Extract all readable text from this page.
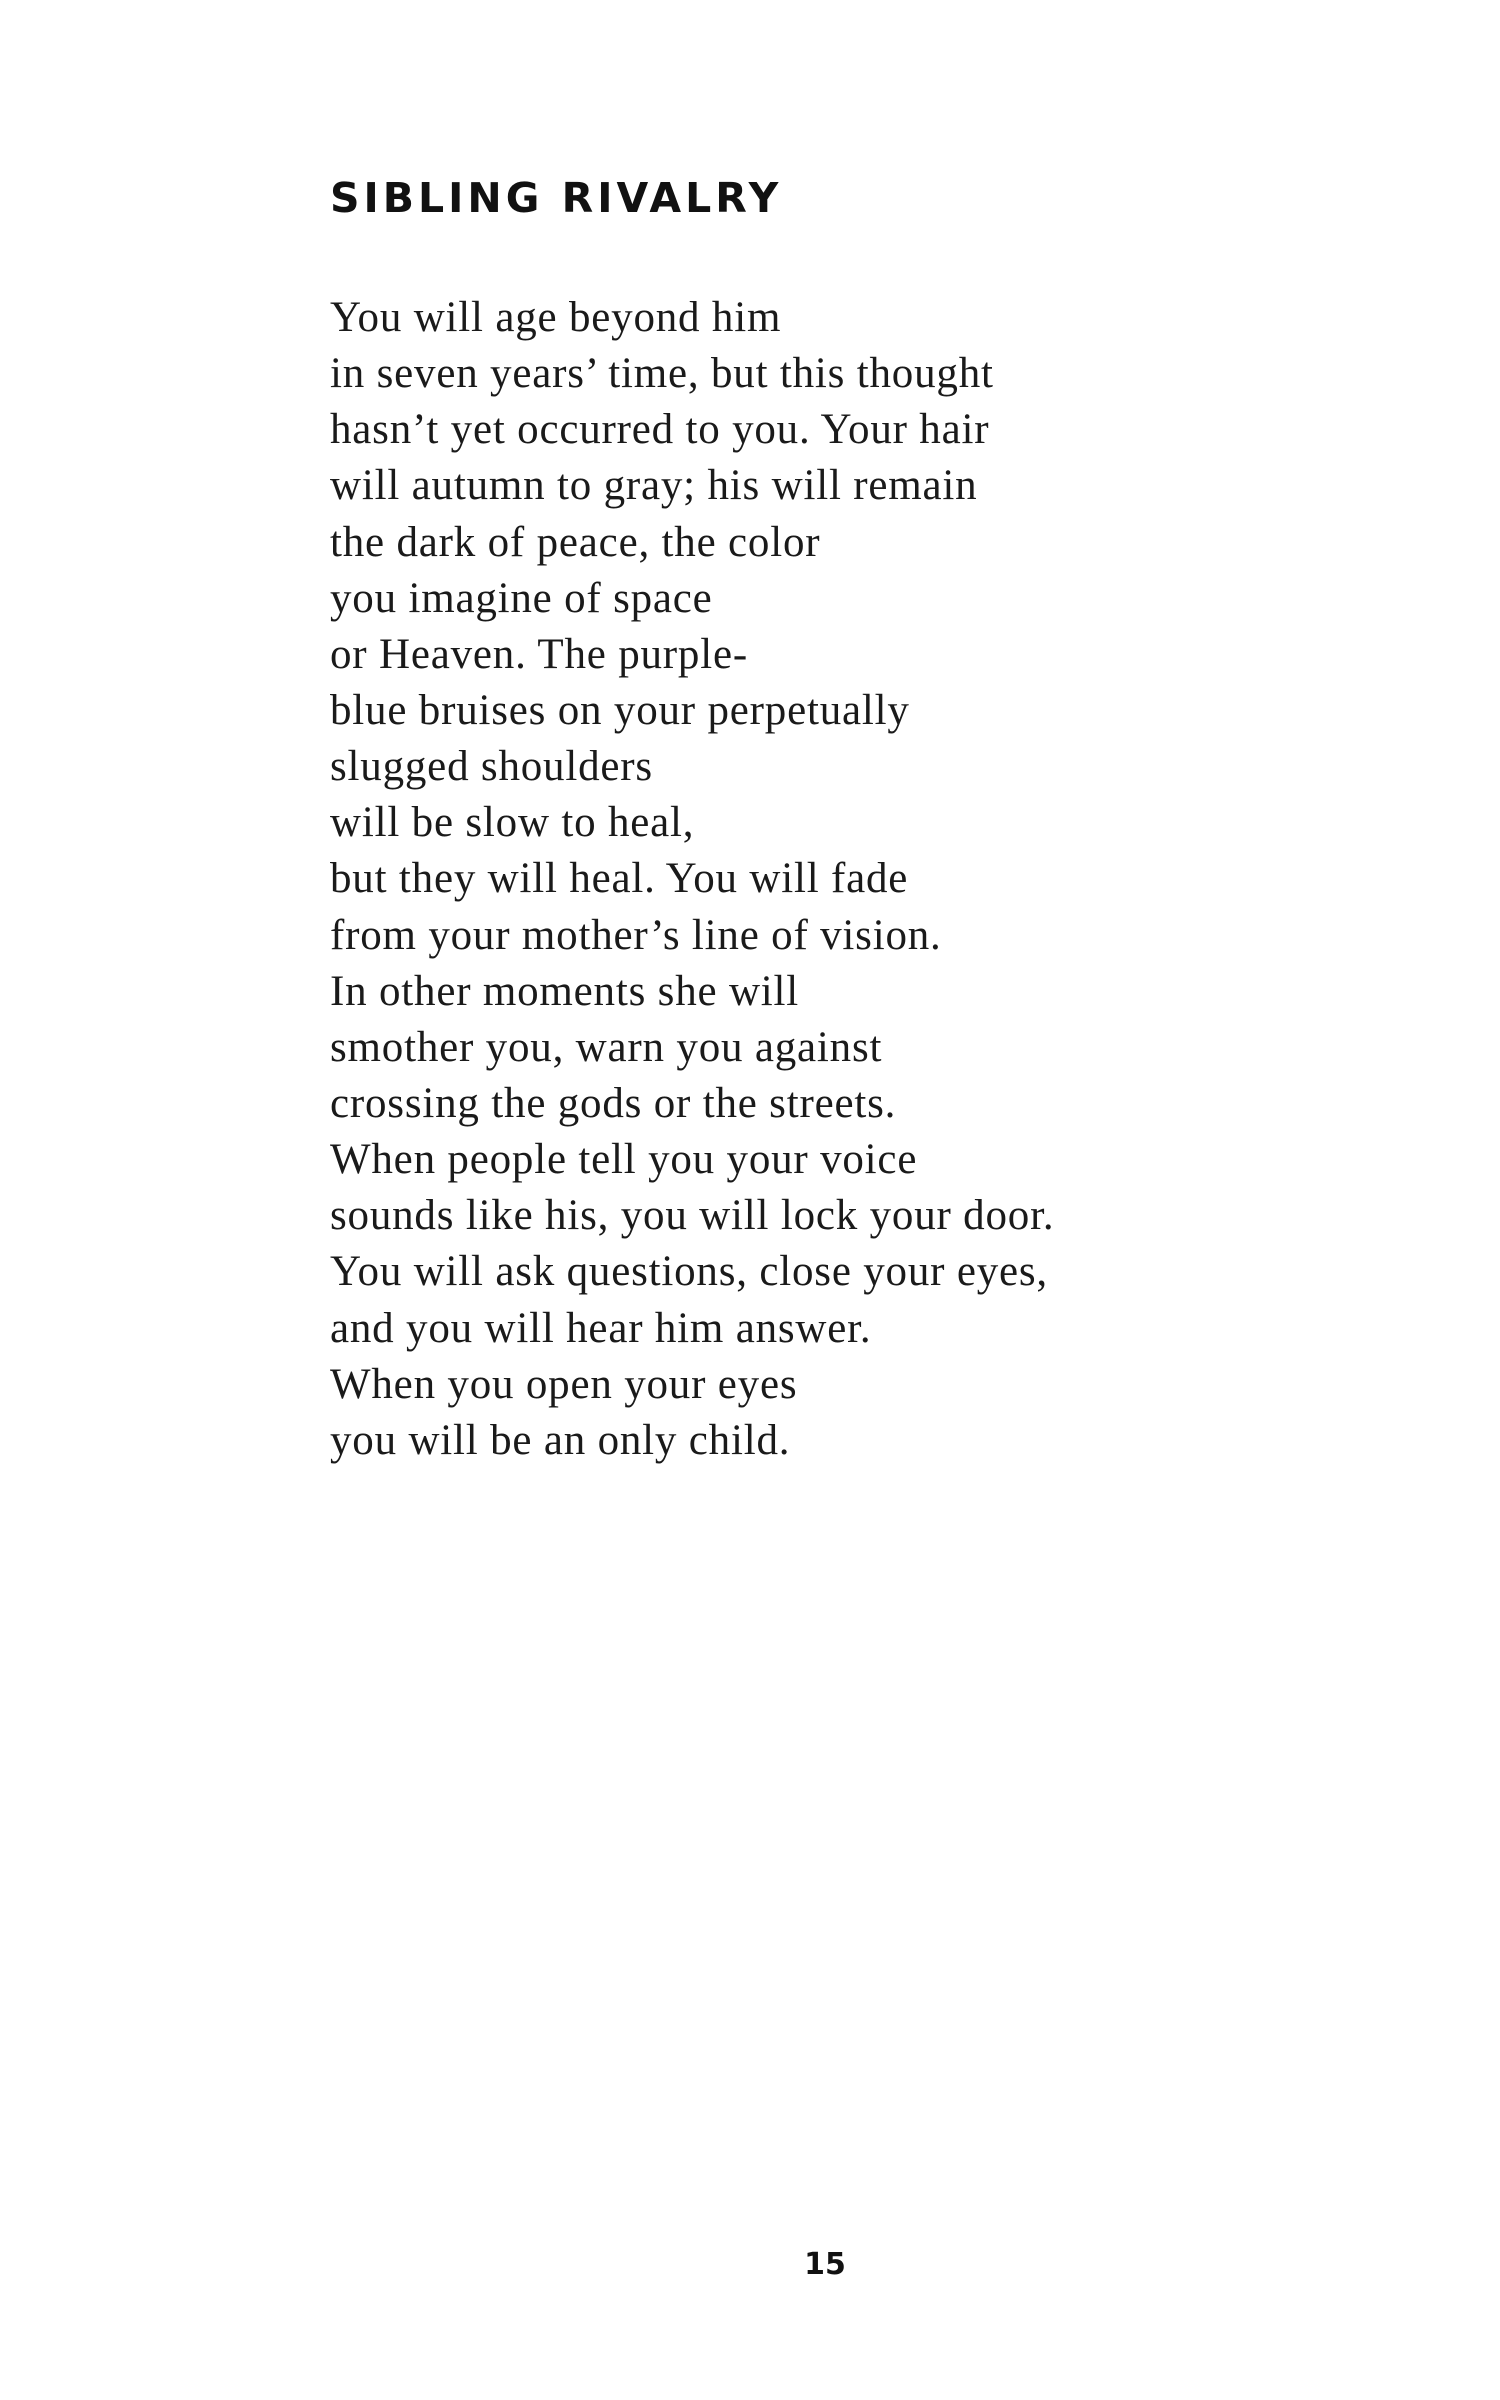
SIBLING RIVALRY
You will age beyond him
in seven years’ time, but this thought
hasn’t yet occurred to you. Your hair
will autumn to gray; his will remain
the dark of peace, the color
you imagine of space
or Heaven. The purple-
blue bruises on your perpetually
slugged shoulders
will be slow to heal,
but they will heal. You will fade
from your mother’s line of vision.
In other moments she will
smother you, warn you against
crossing the gods or the streets.
When people tell you your voice
sounds like his, you will lock your door.
You will ask questions, close your eyes,
and you will hear him answer.
When you open your eyes
you will be an only child.
15
